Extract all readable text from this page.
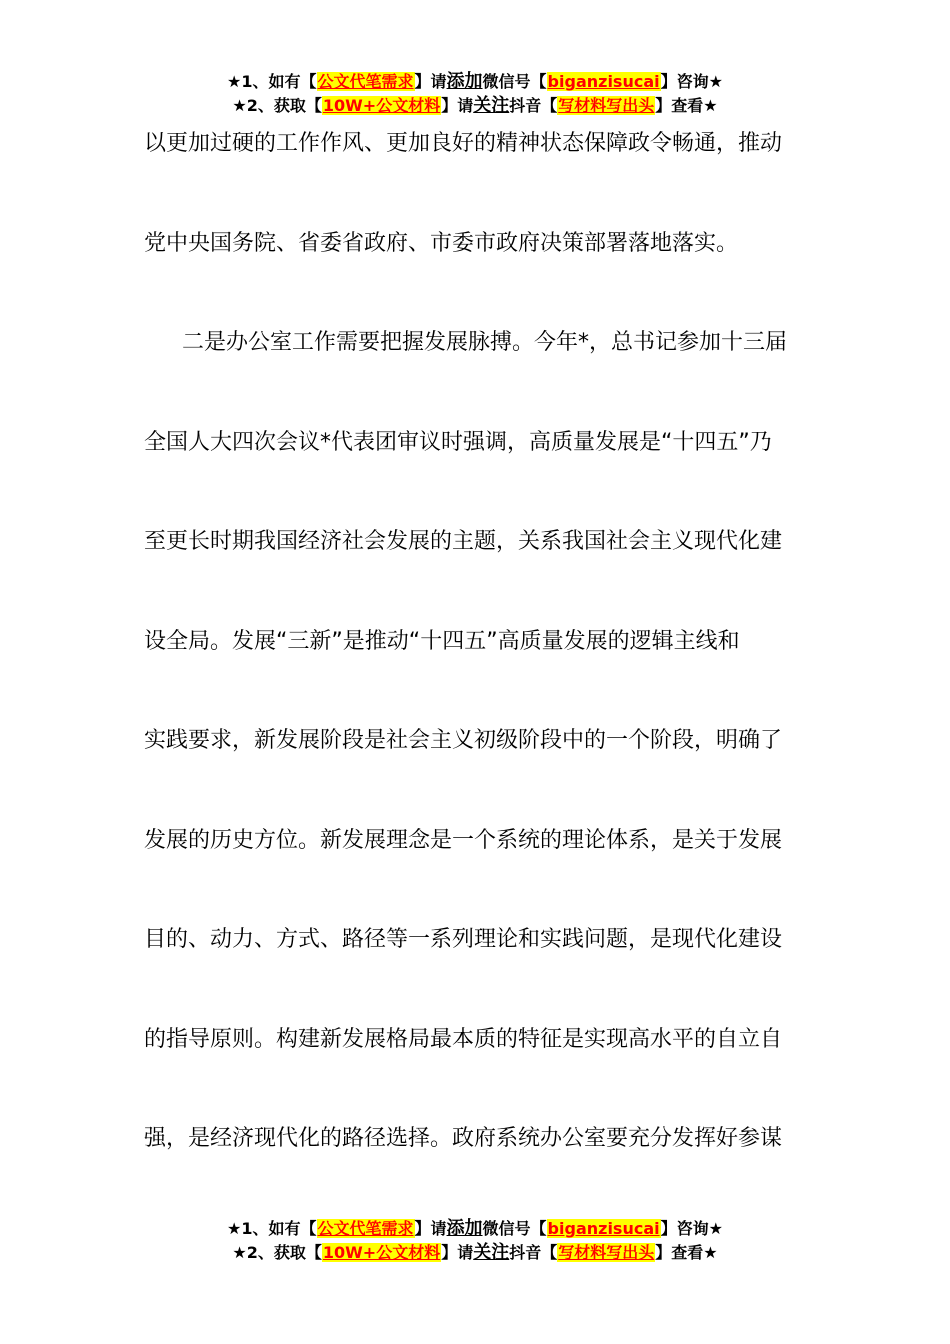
★1、如有【公文代笔需求】请添加微信号【biganzisucai】咨询★
★2、获取【10W+公文材料】请关注抖音【写材料写出头】查看★
以更加过硬的工作作风、更加良好的精神状态保障政令畅通，推动
党中央国务院、省委省政府、市委市政府决策部署落地落实。
二是办公室工作需要把握发展脉搏。今年*，总书记参加十三届
全国人大四次会议*代表团审议时强调，高质量发展是“十四五”乃
至更长时期我国经济社会发展的主题，关系我国社会主义现代化建
设全局。发展“三新”是推动“十四五”高质量发展的逻辑主线和
实践要求，新发展阶段是社会主义初级阶段中的一个阶段，明确了
发展的历史方位。新发展理念是一个系统的理论体系，是关于发展
目的、动力、方式、路径等一系列理论和实践问题，是现代化建设
的指导原则。构建新发展格局最本质的特征是实现高水平的自立自
强，是经济现代化的路径选择。政府系统办公室要充分发挥好参谋
★1、如有【公文代笔需求】请添加微信号【biganzisucai】咨询★
★2、获取【10W+公文材料】请关注抖音【写材料写出头】查看★
